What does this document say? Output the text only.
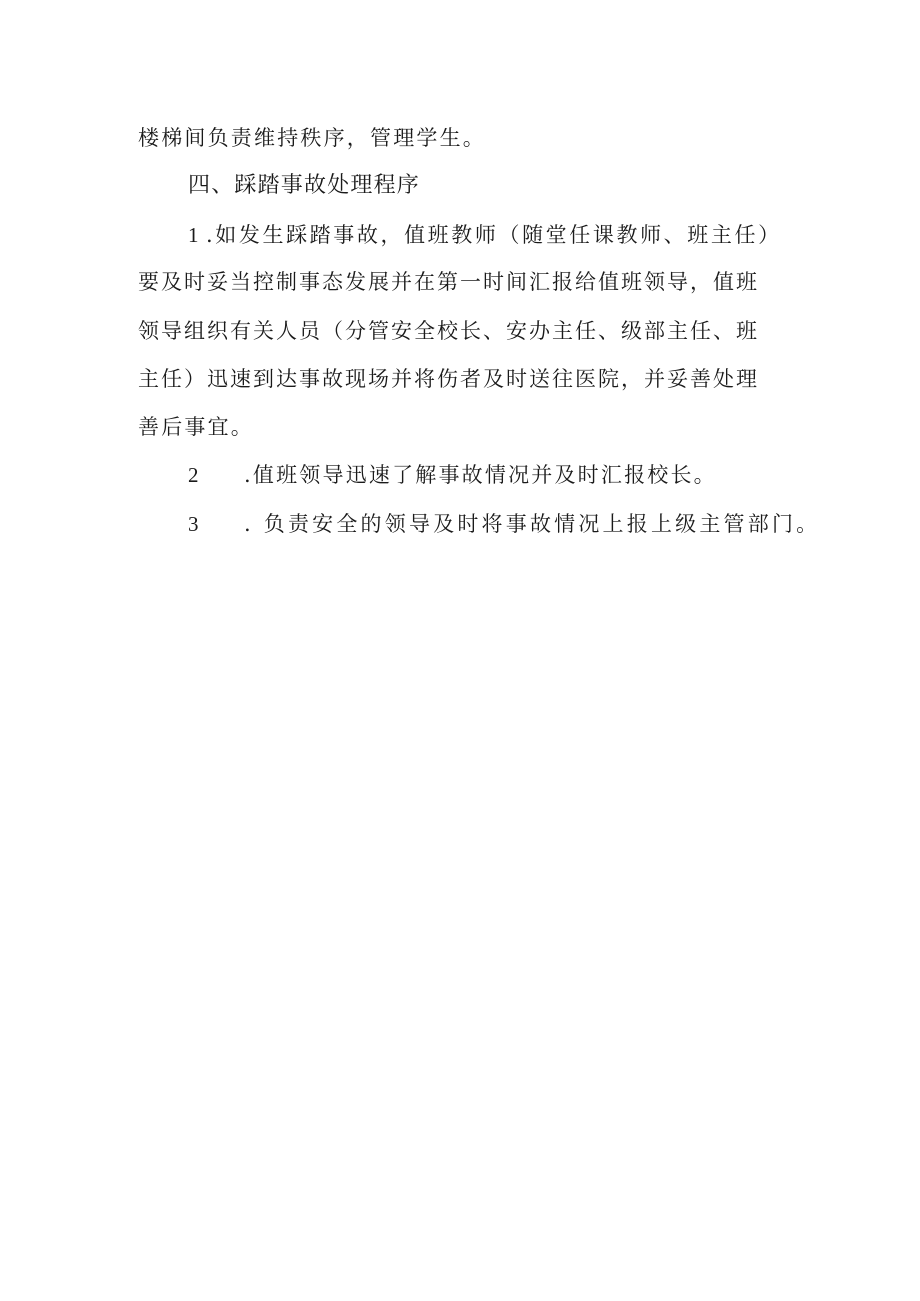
楼梯间负责维持秩序，管理学生。
四、踩踏事故处理程序
1 .如发生踩踏事故，值班教师（随堂任课教师、班主任）
要及时妥当控制事态发展并在第一时间汇报给值班领导，值班
领导组织有关人员（分管安全校长、安办主任、级部主任、班
主任）迅速到达事故现场并将伤者及时送往医院，并妥善处理
善后事宜。
2 .值班领导迅速了解事故情况并及时汇报校长。
3 . 负责安全的领导及时将事故情况上报上级主管部门。
